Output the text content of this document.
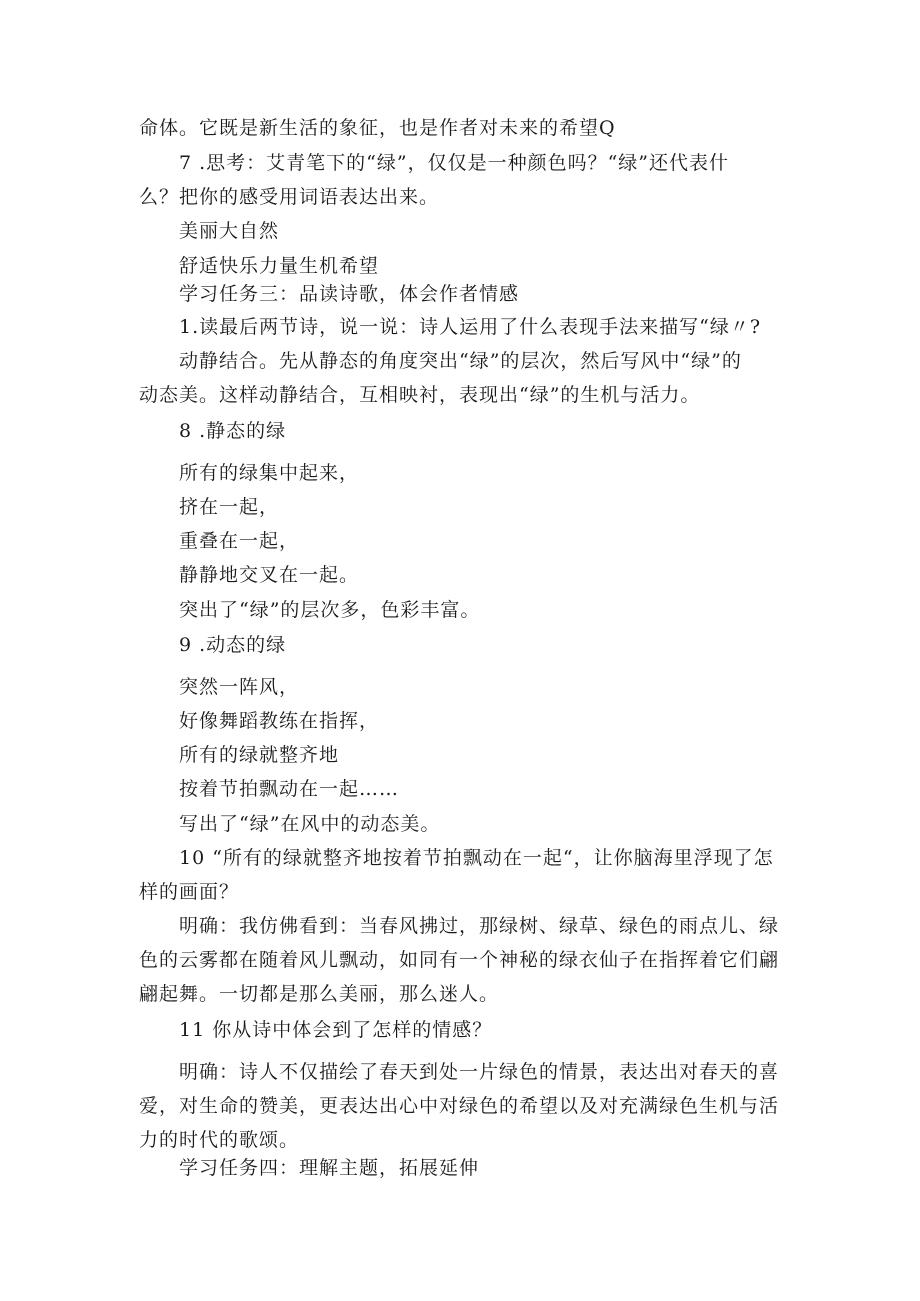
命体。它既是新生活的象征，也是作者对未来的希望Q
7 .思考：艾青笔下的“绿”，仅仅是一种颜色吗？“绿”还代表什
么？把你的感受用词语表达出来。
美丽大自然
舒适快乐力量生机希望
学习任务三：品读诗歌，体会作者情感
1.读最后两节诗，说一说：诗人运用了什么表现手法来描写“绿〃?
动静结合。先从静态的角度突出“绿”的层次，然后写风中“绿”的
动态美。这样动静结合，互相映衬，表现出“绿”的生机与活力。
8 .静态的绿
所有的绿集中起来，
挤在一起，
重叠在一起，
静静地交叉在一起。
突出了“绿”的层次多，色彩丰富。
9 .动态的绿
突然一阵风，
好像舞蹈教练在指挥，
所有的绿就整齐地
按着节拍飘动在一起……
写出了“绿”在风中的动态美。
10 “所有的绿就整齐地按着节拍飘动在一起“，让你脑海里浮现了怎
样的画面？
明确：我仿佛看到：当春风拂过，那绿树、绿草、绿色的雨点儿、绿
色的云雾都在随着风儿飘动，如同有一个神秘的绿衣仙子在指挥着它们翩
翩起舞。一切都是那么美丽，那么迷人。
11 你从诗中体会到了怎样的情感？
明确：诗人不仅描绘了春天到处一片绿色的情景，表达出对春天的喜
爱，对生命的赞美，更表达出心中对绿色的希望以及对充满绿色生机与活
力的时代的歌颂。
学习任务四：理解主题，拓展延伸
